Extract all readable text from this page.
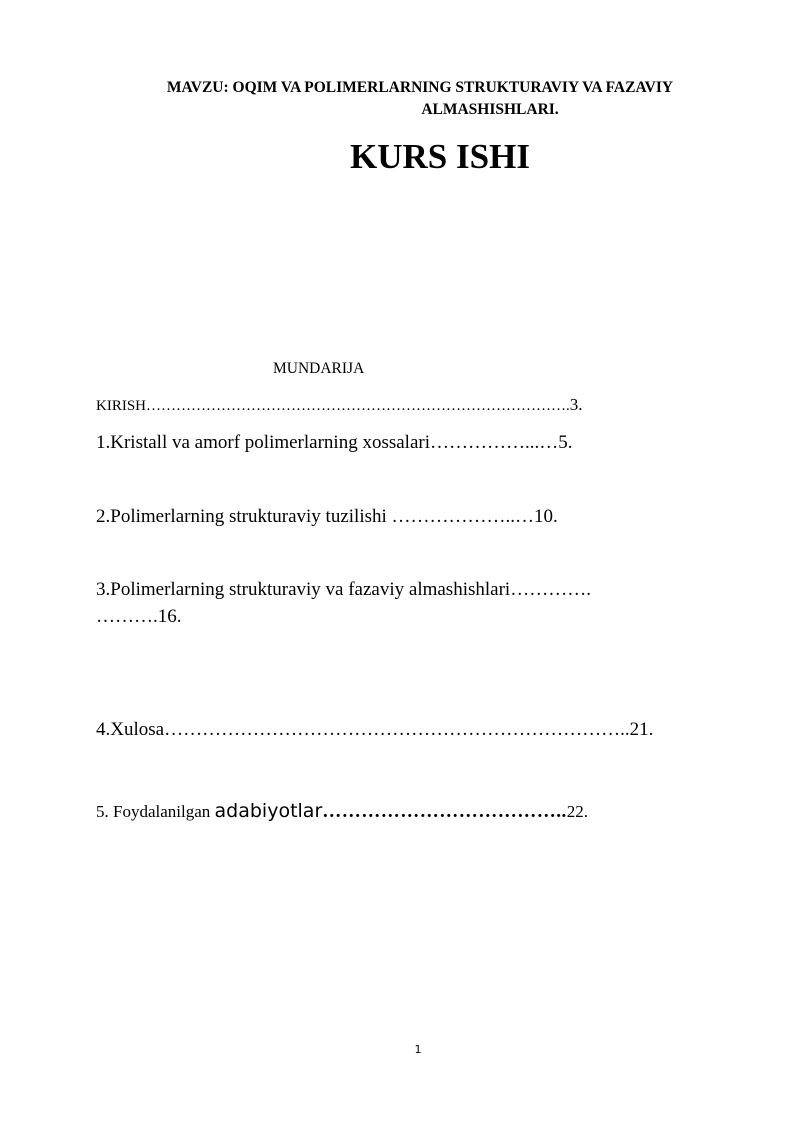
MAVZU: OQIM VA POLIMERLARNING STRUKTURAVIY VA FAZAVIY
ALMASHISHLARI.
KURS ISHI
MUNDARIJA
KIRISH………………………………………………………………………….3.
1.Kristall va amorf polimerlarning xossalari……………...…5.
2.Polimerlarning strukturaviy tuzilishi ………………..…10.
3.Polimerlarning strukturaviy va fazaviy almashishlari………….
……….16.
4.Xulosa………………………………………………………………..21.
5. Foydalanilgan adabiyotlar………………………………..22.
1
